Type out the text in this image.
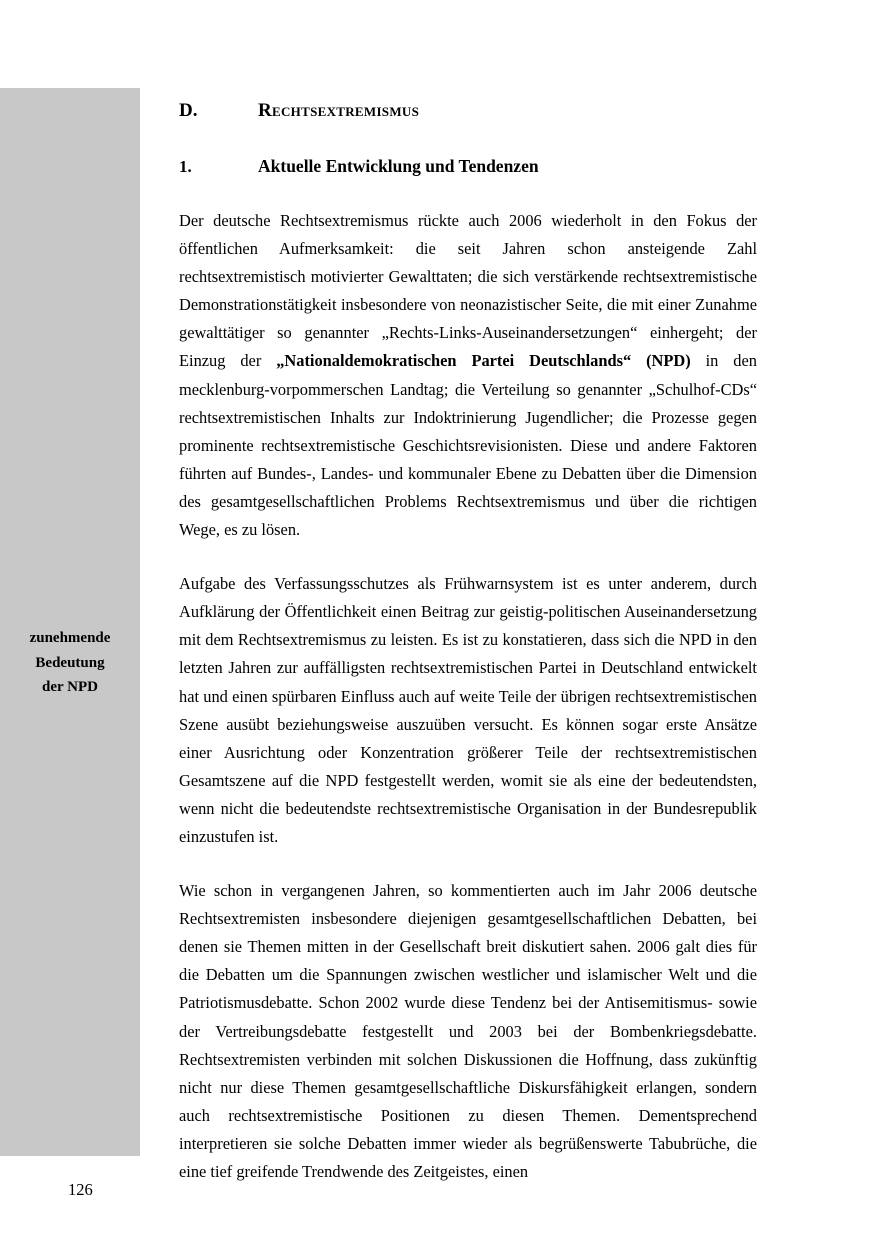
zunehmende
Bedeutung
der NPD
D.	Rechtsextremismus
1.	Aktuelle Entwicklung und Tendenzen

Der deutsche Rechtsextremismus rückte auch 2006 wiederholt in den Fokus der öffentlichen Aufmerksamkeit: die seit Jahren schon ansteigende Zahl rechtsextremistisch motivierter Gewalttaten; die sich verstärkende rechtsextremistische Demonstrationstätigkeit insbesondere von neonazistischer Seite, die mit einer Zunahme gewalttätiger so genannter „Rechts-Links-Auseinandersetzungen“ einhergeht; der Einzug der „Nationaldemokratischen Partei Deutschlands“ (NPD) in den mecklenburg-vorpommerschen Landtag; die Verteilung so genannter „Schulhof-CDs“ rechtsextremistischen Inhalts zur Indoktrinierung Jugendlicher; die Prozesse gegen prominente rechtsextremistische Geschichtsrevisionisten. Diese und andere Faktoren führten auf Bundes-, Landes- und kommunaler Ebene zu Debatten über die Dimension des gesamtgesellschaftlichen Problems Rechtsextremismus und über die richtigen Wege, es zu lösen.

Aufgabe des Verfassungsschutzes als Frühwarnsystem ist es unter anderem, durch Aufklärung der Öffentlichkeit einen Beitrag zur geistig-politischen Auseinandersetzung mit dem Rechtsextremismus zu leisten. Es ist zu konstatieren, dass sich die NPD in den letzten Jahren zur auffälligsten rechtsextremistischen Partei in Deutschland entwickelt hat und einen spürbaren Einfluss auch auf weite Teile der übrigen rechtsextremistischen Szene ausübt beziehungsweise auszuüben versucht. Es können sogar erste Ansätze einer Ausrichtung oder Konzentration größerer Teile der rechtsextremistischen Gesamtszene auf die NPD festgestellt werden, womit sie als eine der bedeutendsten, wenn nicht die bedeutendste rechtsextremistische Organisation in der Bundesrepublik einzustufen ist.

Wie schon in vergangenen Jahren, so kommentierten auch im Jahr 2006 deutsche Rechtsextremisten insbesondere diejenigen gesamtgesellschaftlichen Debatten, bei denen sie Themen mitten in der Gesellschaft breit diskutiert sahen. 2006 galt dies für die Debatten um die Spannungen zwischen westlicher und islamischer Welt und die Patriotismusdebatte. Schon 2002 wurde diese Tendenz bei der Antisemitismus- sowie der Vertreibungsdebatte festgestellt und 2003 bei der Bombenkriegsdebatte. Rechtsextremisten verbinden mit solchen Diskussionen die Hoffnung, dass zukünftig nicht nur diese Themen gesamtgesellschaftliche Diskursfähigkeit erlangen, sondern auch rechtsextremistische Positionen zu diesen Themen. Dementsprechend interpretieren sie solche Debatten immer wieder als begrüßenswerte Tabubrüche, die eine tief greifende Trendwende des Zeitgeistes, einen

126
